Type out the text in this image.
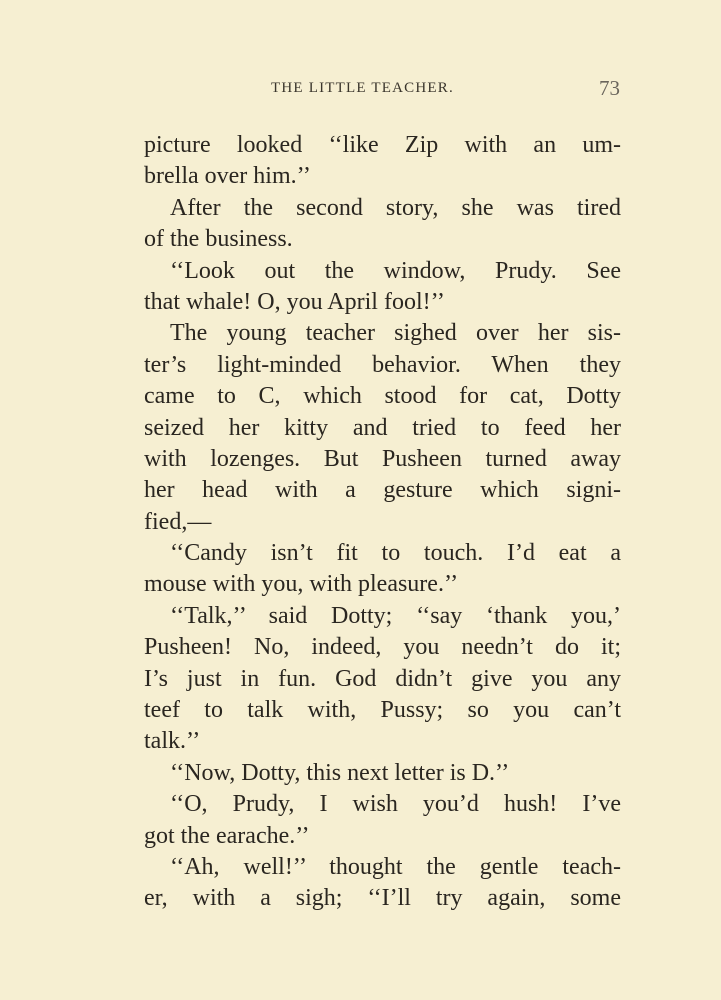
THE LITTLE TEACHER.	73
picture looked ‘‘like Zip with an um-
brella over him.’’
After the second story, she was tired
of the business.
‘‘Look out the window, Prudy. See
that whale! O, you April fool!’’
The young teacher sighed over her sis-
ter’s light-minded behavior. When they
came to C, which stood for cat, Dotty
seized her kitty and tried to feed her
with lozenges. But Pusheen turned away
her head with a gesture which signi-
fied,—
‘‘Candy isn’t fit to touch. I’d eat a
mouse with you, with pleasure.’’
‘‘Talk,’’ said Dotty; ‘‘say ‘thank you,’
Pusheen! No, indeed, you needn’t do it;
I’s just in fun. God didn’t give you any
teef to talk with, Pussy; so you can’t
talk.’’
‘‘Now, Dotty, this next letter is D.’’
‘‘O, Prudy, I wish you’d hush! I’ve
got the earache.’’
‘‘Ah, well!’’ thought the gentle teach-
er, with a sigh; ‘‘I’ll try again, some
